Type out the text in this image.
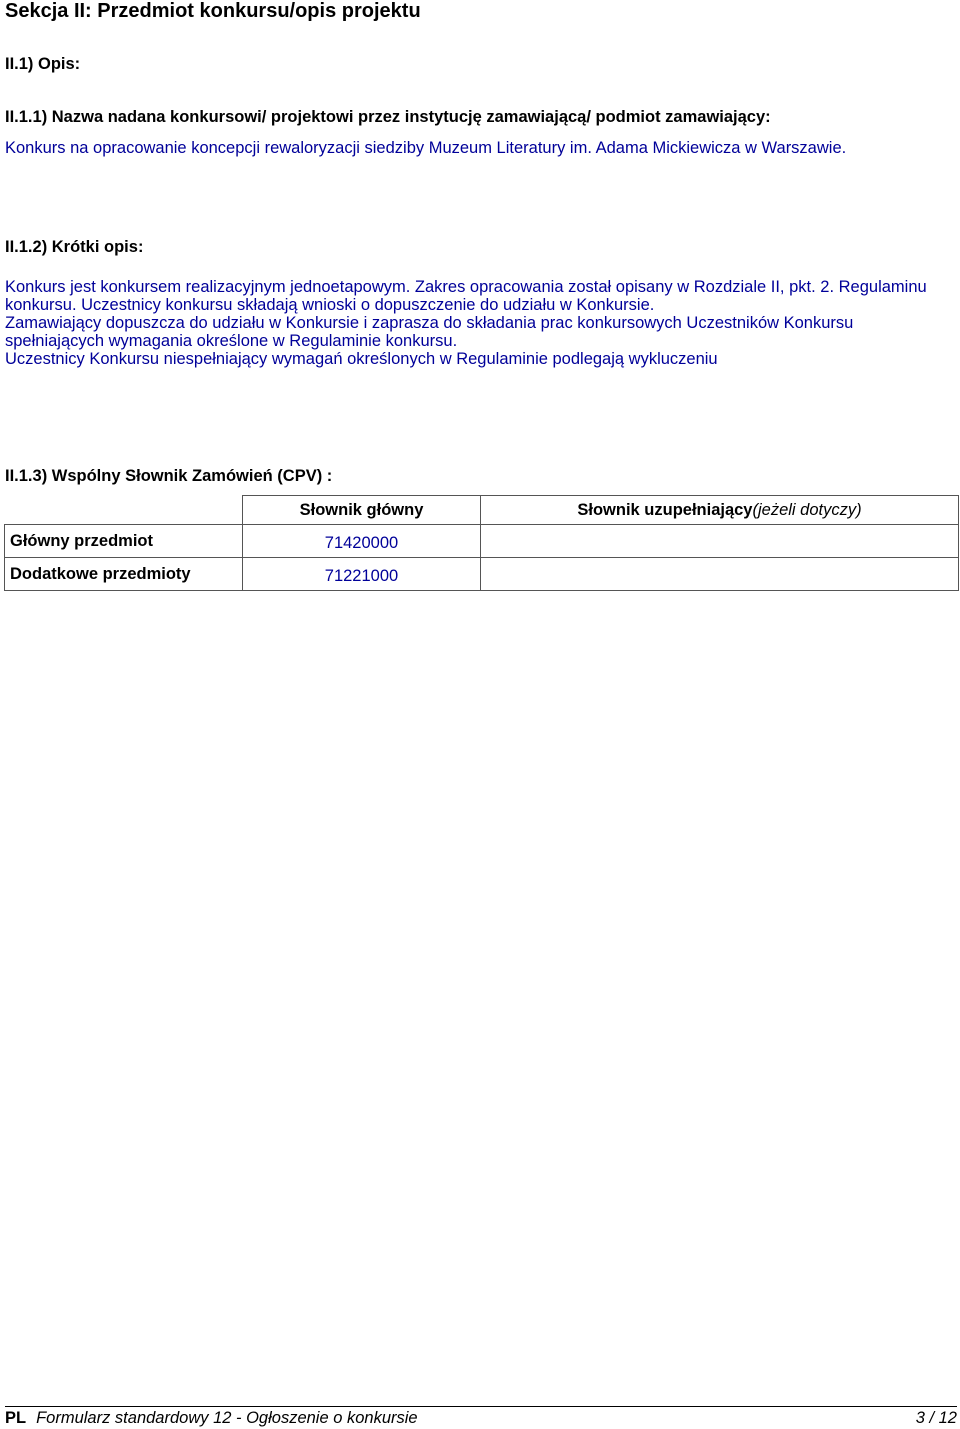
Sekcja II: Przedmiot konkursu/opis projektu
II.1) Opis:
II.1.1) Nazwa nadana konkursowi/ projektowi przez instytucję zamawiającą/ podmiot zamawiający:
Konkurs na opracowanie koncepcji rewaloryzacji siedziby Muzeum Literatury im. Adama Mickiewicza w Warszawie.
II.1.2) Krótki opis:

Konkurs jest konkursem realizacyjnym jednoetapowym. Zakres opracowania został opisany w Rozdziale II, pkt. 2. Regulaminu konkursu. Uczestnicy konkursu składają wnioski o dopuszczenie do udziału w Konkursie.

Zamawiający dopuszcza do udziału w Konkursie i zaprasza do składania prac konkursowych Uczestników Konkursu spełniających wymagania określone w Regulaminie konkursu.

Uczestnicy Konkursu niespełniający wymagań określonych w Regulaminie podlegają wykluczeniu

II.1.3) Wspólny Słownik Zamówień (CPV) :
	Słownik główny	Słownik uzupełniający(jeżeli dotyczy)
Główny przedmiot	71420000	
Dodatkowe przedmioty	71221000	
PL Formularz standardowy 12 - Ogłoszenie o konkursie	3 / 12
